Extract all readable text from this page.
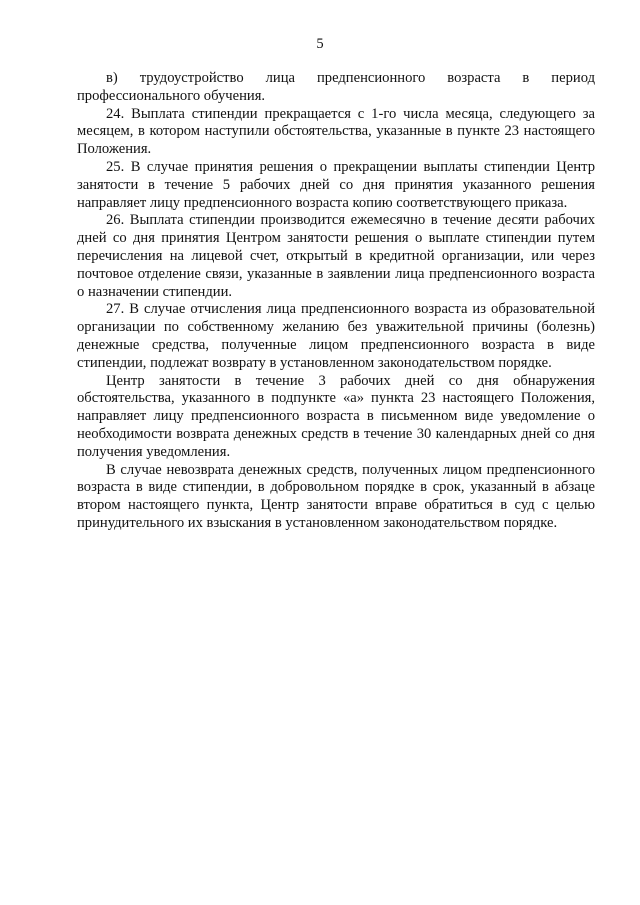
5

в) трудоустройство лица предпенсионного возраста в период профессионального обучения.

24. Выплата стипендии прекращается с 1-го числа месяца, следующего за месяцем, в котором наступили обстоятельства, указанные в пункте 23 настоящего Положения.

25. В случае принятия решения о прекращении выплаты стипендии Центр занятости в течение 5 рабочих дней со дня принятия указанного решения направляет лицу предпенсионного возраста копию соответствующего приказа.

26. Выплата стипендии производится ежемесячно в течение десяти рабочих дней со дня принятия Центром занятости решения о выплате стипендии путем перечисления на лицевой счет, открытый в кредитной организации, или через почтовое отделение связи, указанные в заявлении лица предпенсионного возраста о назначении стипендии.

27. В случае отчисления лица предпенсионного возраста из образовательной организации по собственному желанию без уважительной причины (болезнь) денежные средства, полученные лицом предпенсионного возраста в виде стипендии, подлежат возврату в установленном законодательством порядке.

Центр занятости в течение 3 рабочих дней со дня обнаружения обстоятельства, указанного в подпункте «а» пункта 23 настоящего Положения, направляет лицу предпенсионного возраста в письменном виде уведомление о необходимости возврата денежных средств в течение 30 календарных дней со дня получения уведомления.

В случае невозврата денежных средств, полученных лицом предпенсионного возраста в виде стипендии, в добровольном порядке в срок, указанный в абзаце втором настоящего пункта, Центр занятости вправе обратиться в суд с целью принудительного их взыскания в установленном законодательством порядке.
